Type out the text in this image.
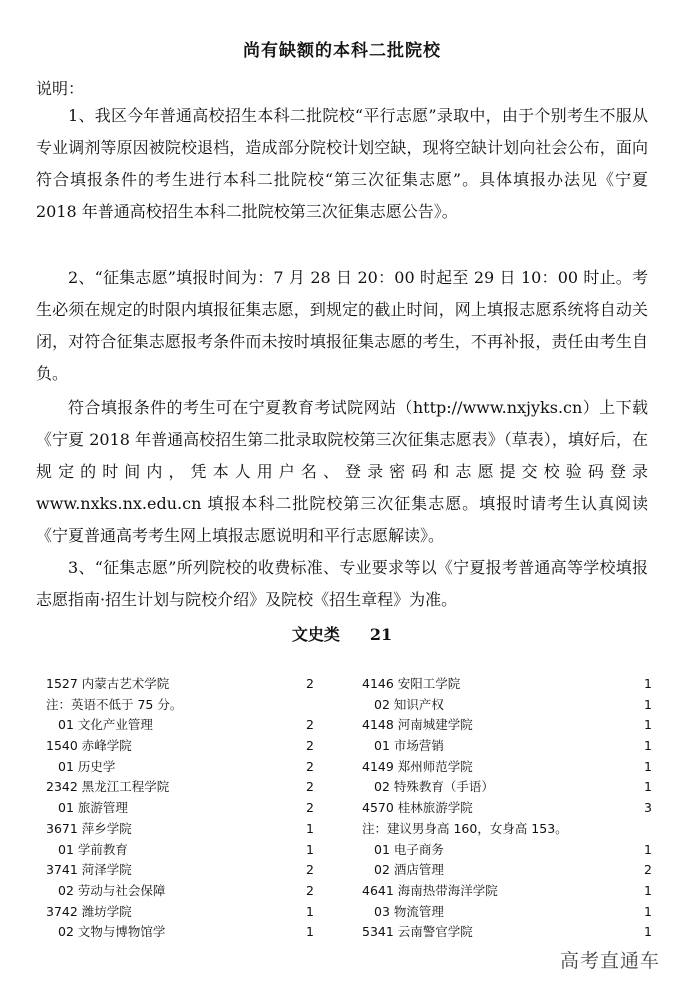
尚有缺额的本科二批院校
说明：

1、我区今年普通高校招生本科二批院校“平行志愿”录取中，由于个别考生不服从专业调剂等原因被院校退档，造成部分院校计划空缺，现将空缺计划向社会公布，面向符合填报条件的考生进行本科二批院校“第三次征集志愿”。具体填报办法见《宁夏 2018 年普通高校招生本科二批院校第三次征集志愿公告》。

2、“征集志愿”填报时间为：7 月 28 日 20：00 时起至 29 日 10：00 时止。考生必须在规定的时限内填报征集志愿，到规定的截止时间，网上填报志愿系统将自动关闭，对符合征集志愿报考条件而未按时填报征集志愿的考生，不再补报，责任由考生自负。

符合填报条件的考生可在宁夏教育考试院网站（http://www.nxjyks.cn）上下载《宁夏 2018 年普通高校招生第二批录取院校第三次征集志愿表》（草表），填好后，在规定的时间内，凭本人用户名、登录密码和志愿提交校验码登录 www.nxks.nx.edu.cn 填报本科二批院校第三次征集志愿。填报时请考生认真阅读《宁夏普通高考考生网上填报志愿说明和平行志愿解读》。

3、“征集志愿”所列院校的收费标准、专业要求等以《宁夏报考普通高等学校填报志愿指南·招生计划与院校介绍》及院校《招生章程》为准。

文史类 21
1527 内蒙古艺术学院	2
注：英语不低于 75 分。
01 文化产业管理	2
1540 赤峰学院	2
01 历史学	2
2342 黑龙江工程学院	2
01 旅游管理	2
3671 萍乡学院	1
01 学前教育	1
3741 菏泽学院	2
02 劳动与社会保障	2
3742 潍坊学院	1
02 文物与博物馆学	1
4146 安阳工学院	1
02 知识产权	1
4148 河南城建学院	1
01 市场营销	1
4149 郑州师范学院	1
02 特殊教育（手语）	1
4570 桂林旅游学院	3
注：建议男身高 160，女身高 153。
01 电子商务	1
02 酒店管理	2
4641 海南热带海洋学院	1
03 物流管理	1
5341 云南警官学院	1
高考直通车
